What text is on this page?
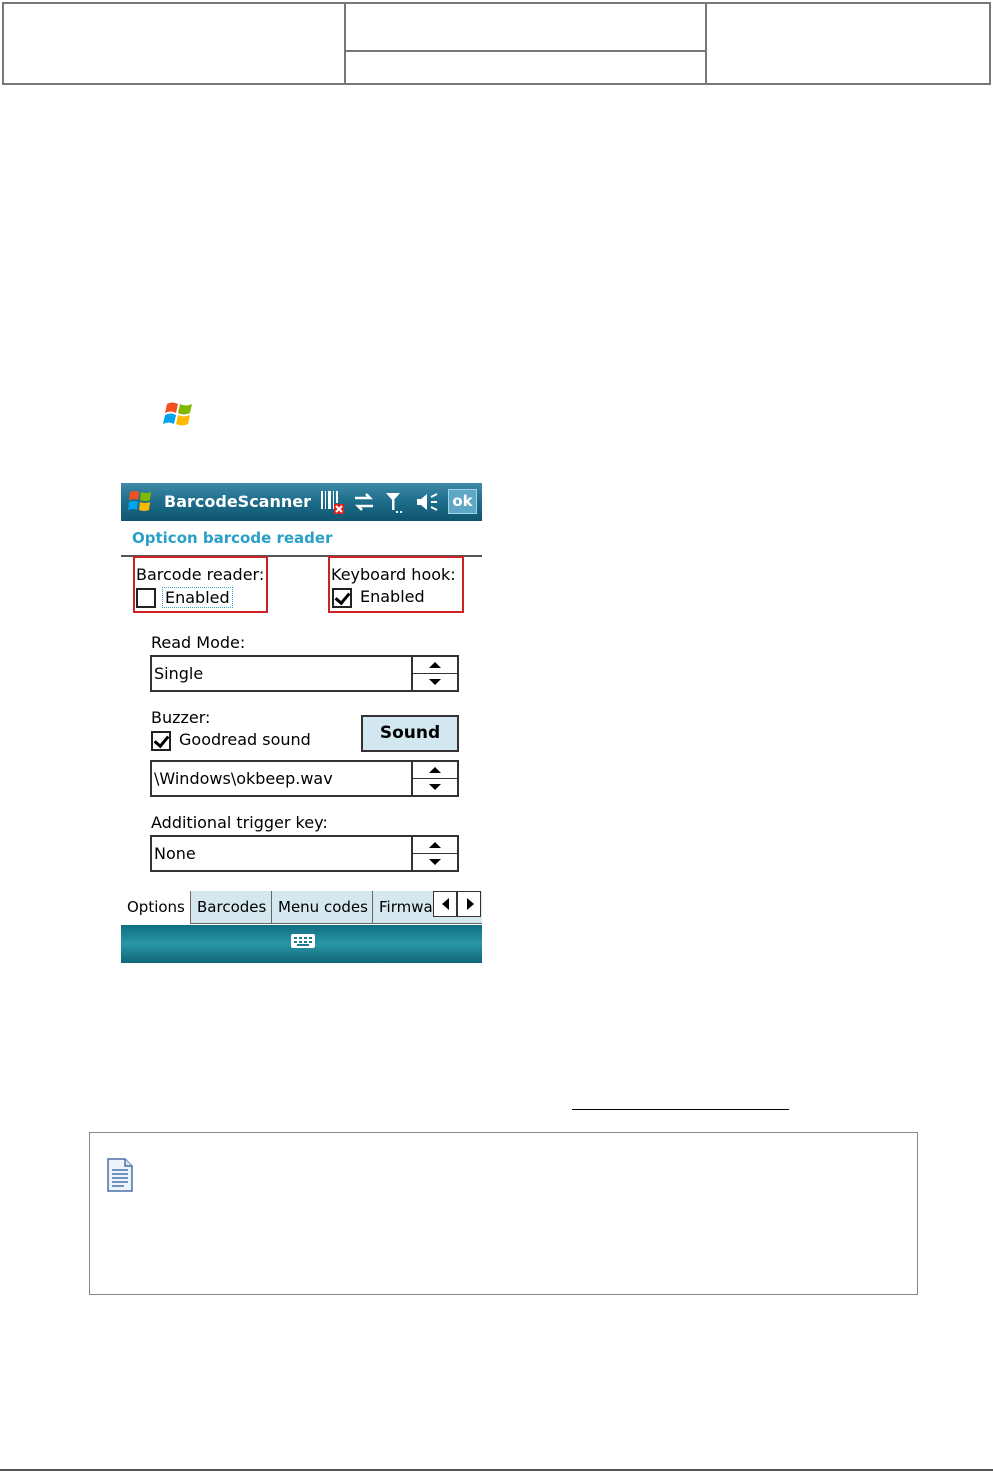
BarcodeScanner	ok
Opticon barcode reader
Barcode reader:
Enabled
Keyboard hook:
Enabled
Read Mode:
Single
Buzzer:
Goodread sound	Sound
\Windows\okbeep.wav
Additional trigger key:
None
Options Barcodes Menu codes Firmwa
